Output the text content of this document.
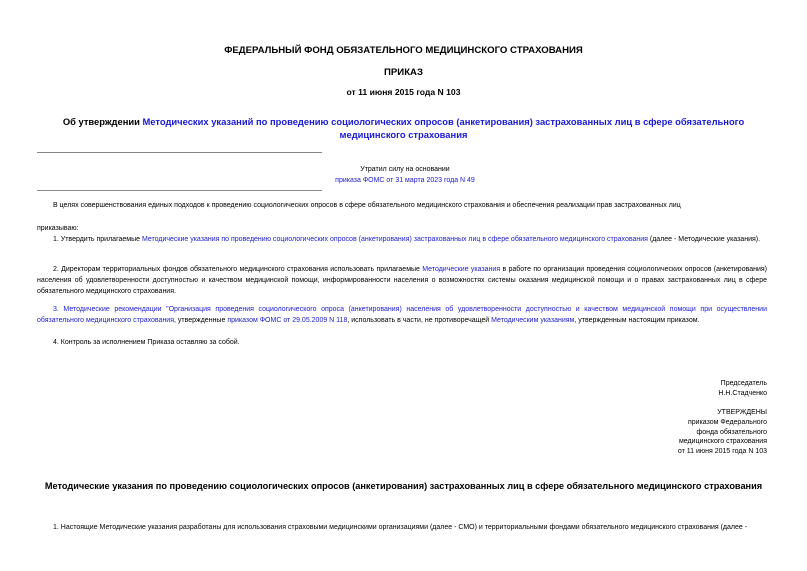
ФЕДЕРАЛЬНЫЙ ФОНД ОБЯЗАТЕЛЬНОГО МЕДИЦИНСКОГО СТРАХОВАНИЯ
ПРИКАЗ
от 11 июня 2015 года N 103
Об утверждении Методических указаний по проведению социологических опросов (анкетирования) застрахованных лиц в сфере обязательного медицинского страхования
Утратил силу на основании
приказа ФОМС от 31 марта 2023 года N 49
В целях совершенствования единых подходов к проведению социологических опросов в сфере обязательного медицинского страхования и обеспечения реализации прав застрахованных лиц
приказываю:
1. Утвердить прилагаемые Методические указания по проведению социологических опросов (анкетирования) застрахованных лиц в сфере обязательного медицинского страхования (далее - Методические указания).
2. Директорам территориальных фондов обязательного медицинского страхования использовать прилагаемые Методические указания в работе по организации проведения социологических опросов (анкетирования) населения об удовлетворенности доступностью и качеством медицинской помощи, информированности населения о возможностях системы оказания медицинской помощи и о правах застрахованных лиц в сфере обязательного медицинского страхования.
3. Методические рекомендации "Организация проведения социологического опроса (анкетирования) населения об удовлетворенности доступностью и качеством медицинской помощи при осуществлении обязательного медицинского страхования, утвержденные приказом ФОМС от 29.05.2009 N 118, использовать в части, не противоречащей Методическим указаниям, утвержденным настоящим приказом.
4. Контроль за исполнением Приказа оставляю за собой.
Председатель
Н.Н.Стадченко
УТВЕРЖДЕНЫ
приказом Федерального
фонда обязательного
медицинского страхования
от 11 июня 2015 года N 103
Методические указания по проведению социологических опросов (анкетирования) застрахованных лиц в сфере обязательного медицинского страхования
1. Настоящие Методические указания разработаны для использования страховыми медицинскими организациями (далее - СМО) и территориальными фондами обязательного медицинского страхования (далее -
